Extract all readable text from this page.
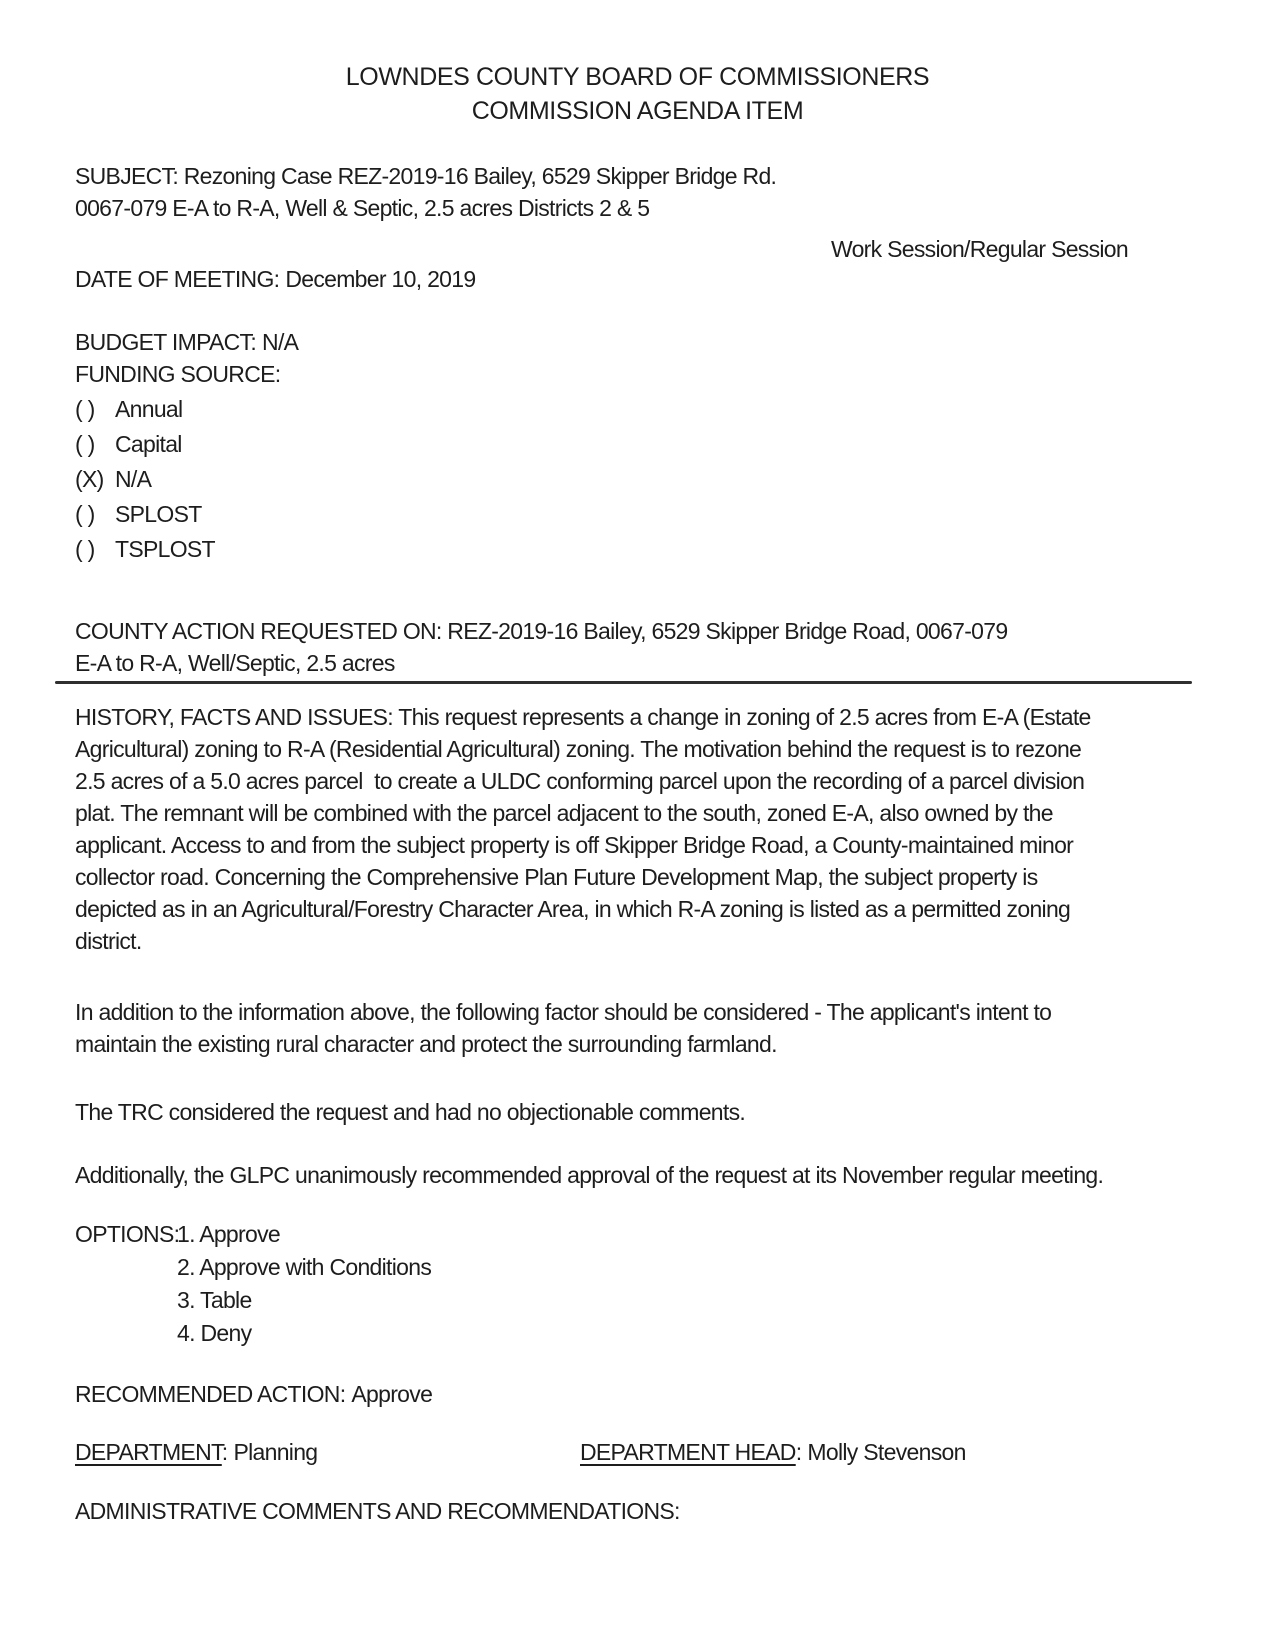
LOWNDES COUNTY BOARD OF COMMISSIONERS
COMMISSION AGENDA ITEM
SUBJECT: Rezoning Case REZ-2019-16 Bailey, 6529 Skipper Bridge Rd.
0067-079 E-A to R-A, Well & Septic, 2.5 acres Districts 2 & 5
Work Session/Regular Session
DATE OF MEETING: December 10, 2019
BUDGET IMPACT: N/A
FUNDING SOURCE:
( ) Annual
( ) Capital
(X) N/A
( ) SPLOST
( ) TSPLOST
COUNTY ACTION REQUESTED ON: REZ-2019-16 Bailey, 6529 Skipper Bridge Road, 0067-079
E-A to R-A, Well/Septic, 2.5 acres
HISTORY, FACTS AND ISSUES: This request represents a change in zoning of 2.5 acres from E-A (Estate
Agricultural) zoning to R-A (Residential Agricultural) zoning. The motivation behind the request is to rezone
2.5 acres of a 5.0 acres parcel  to create a ULDC conforming parcel upon the recording of a parcel division
plat. The remnant will be combined with the parcel adjacent to the south, zoned E-A, also owned by the
applicant. Access to and from the subject property is off Skipper Bridge Road, a County-maintained minor
collector road. Concerning the Comprehensive Plan Future Development Map, the subject property is
depicted as in an Agricultural/Forestry Character Area, in which R-A zoning is listed as a permitted zoning
district.
In addition to the information above, the following factor should be considered - The applicant's intent to
maintain the existing rural character and protect the surrounding farmland.
The TRC considered the request and had no objectionable comments.
Additionally, the GLPC unanimously recommended approval of the request at its November regular meeting.
OPTIONS:
1. Approve
2. Approve with Conditions
3. Table
4. Deny
RECOMMENDED ACTION: Approve
DEPARTMENT: Planning	DEPARTMENT HEAD: Molly Stevenson
ADMINISTRATIVE COMMENTS AND RECOMMENDATIONS:
